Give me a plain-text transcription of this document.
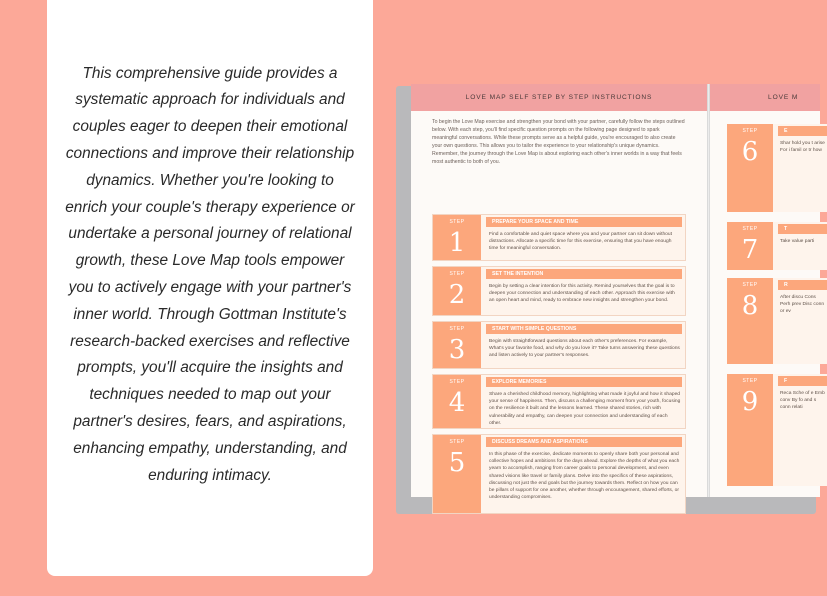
This comprehensive guide provides a systematic approach for individuals and couples eager to deepen their emotional connections and improve their relationship dynamics. Whether you're looking to enrich your couple's therapy experience or undertake a personal journey of relational growth, these Love Map tools empower you to actively engage with your partner's inner world. Through Gottman Institute's research-backed exercises and reflective prompts, you'll acquire the insights and techniques needed to map out your partner's desires, fears, and aspirations, enhancing empathy, understanding, and enduring intimacy.

LOVE MAP SELF STEP BY STEP INSTRUCTIONS
To begin the Love Map exercise and strengthen your bond with your partner, carefully follow the steps outlined below. With each step, you'll find specific question prompts on the following page designed to spark meaningful conversations. While these prompts serve as a helpful guide, you're encouraged to also create your own questions. This allows you to tailor the experience to your relationship's unique dynamics. Remember, the journey through the Love Map is about exploring each other's inner worlds in a way that feels most authentic to both of you.
STEP
1
PREPARE YOUR SPACE AND TIME
Find a comfortable and quiet space where you and your partner can sit down without distractions. Allocate a specific time for this exercise, ensuring that you have enough time for meaningful conversation.
STEP
2
SET THE INTENTION
Begin by setting a clear intention for this activity. Remind yourselves that the goal is to deepen your connection and understanding of each other. Approach this exercise with an open heart and mind, ready to embrace new insights and strengthen your bond.
STEP
3
START WITH SIMPLE QUESTIONS
Begin with straightforward questions about each other's preferences. For example, What's your favorite food, and why do you love it? Take turns answering these questions and listen actively to your partner's responses.
STEP
4
EXPLORE MEMORIES
Share a cherished childhood memory, highlighting what made it joyful and how it shaped your sense of happiness. Then, discuss a challenging moment from your youth, focusing on the resilience it built and the lessons learned. These shared stories, rich with vulnerability and empathy, can deepen your connection and understanding of each other.
STEP
5
DISCUSS DREAMS AND ASPIRATIONS
In this phase of the exercise, dedicate moments to openly share both your personal and collective hopes and ambitions for the days ahead. Explore the depths of what you each yearn to accomplish, ranging from career goals to personal development, and even shared visions like travel or family plans. Delve into the specifics of these aspirations, discussing not just the end goals but the journey towards them. Reflect on how you can be pillars of support for one another, whether through encouragement, shared efforts, or understanding compromises.
LOVE M
STEP
6
E
Shar hold you t arise For i famil or tr how
STEP
7
T
Take value parti
STEP
8
R
After discu Cons Perh prev Disc conn or ev
STEP
9
F
Reca Sche of e Emb conv By fo and s conn relati
